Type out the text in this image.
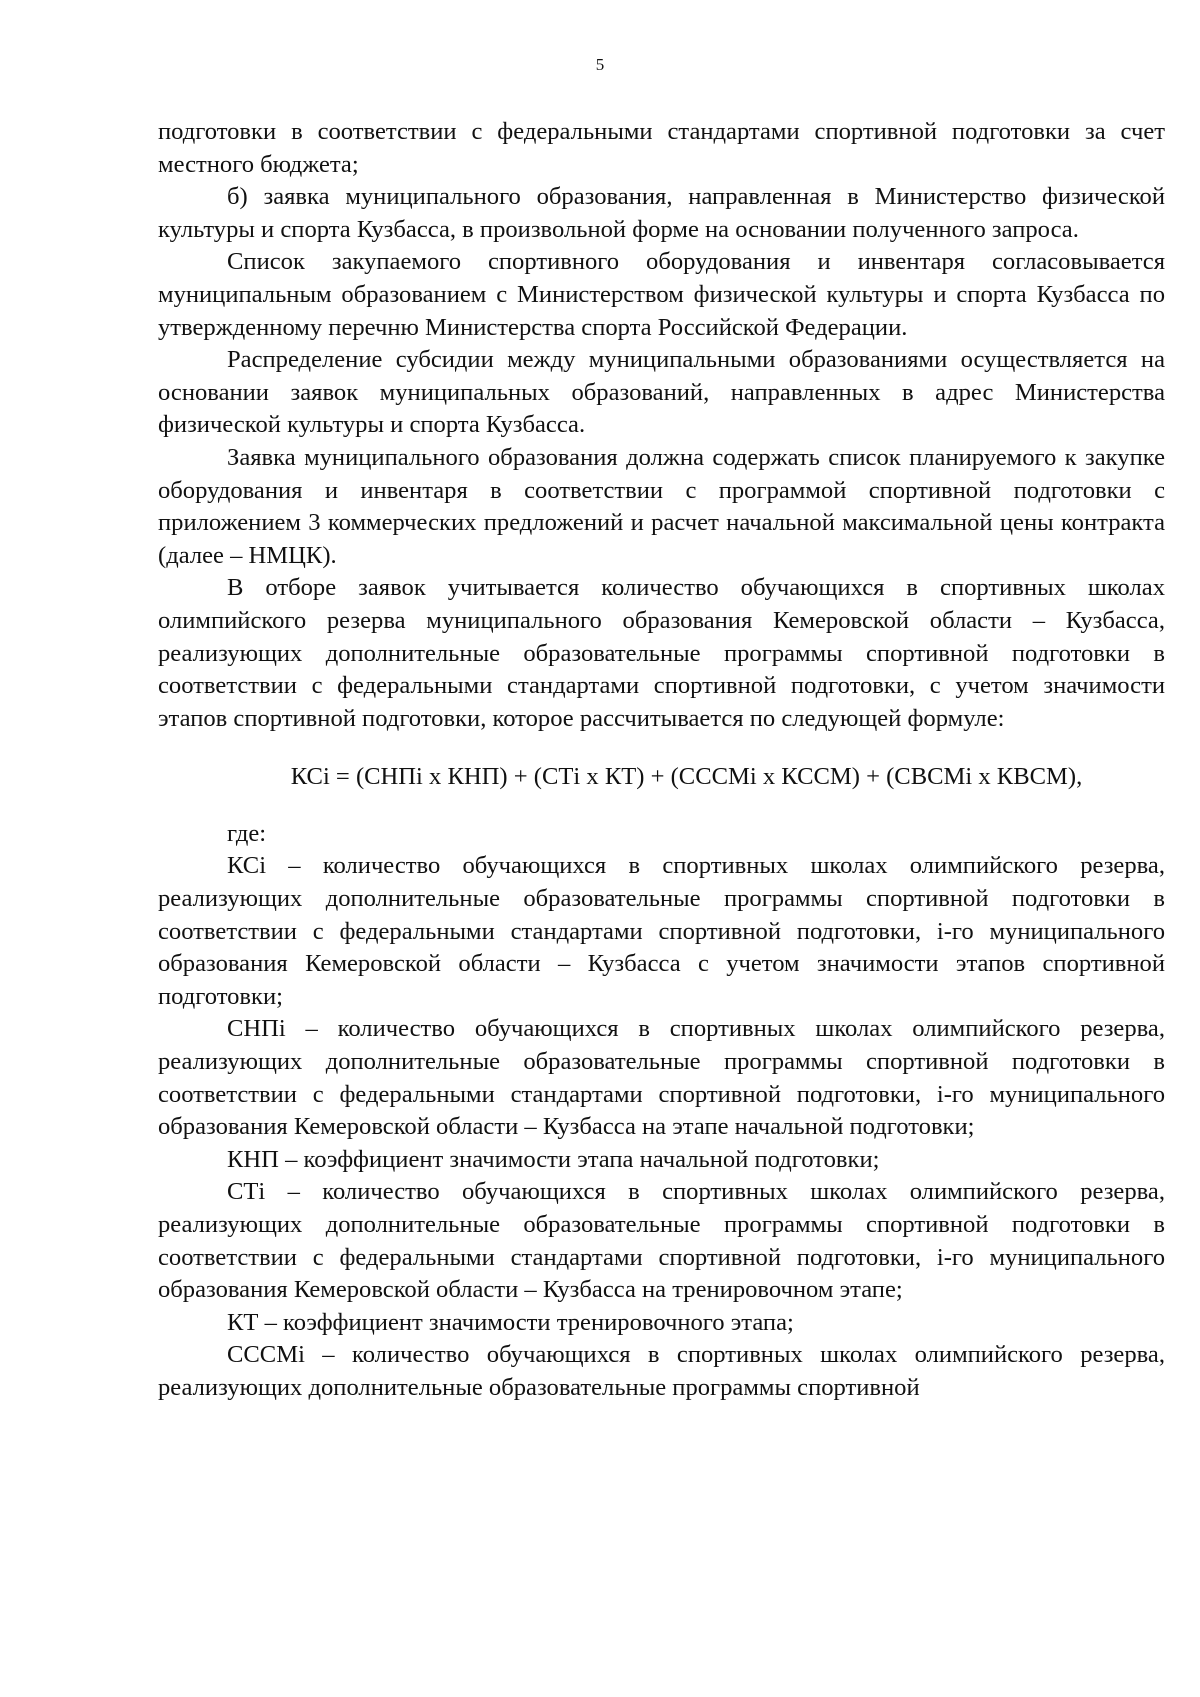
5

подготовки в соответствии с федеральными стандартами спортивной подготовки за счет местного бюджета;

б) заявка муниципального образования, направленная в Министерство физической культуры и спорта Кузбасса, в произвольной форме на основании полученного запроса.

Список закупаемого спортивного оборудования и инвентаря согласовывается муниципальным образованием с Министерством физической культуры и спорта Кузбасса по утвержденному перечню Министерства спорта Российской Федерации.

Распределение субсидии между муниципальными образованиями осуществляется на основании заявок муниципальных образований, направленных в адрес Министерства физической культуры и спорта Кузбасса.

Заявка муниципального образования должна содержать список планируемого к закупке оборудования и инвентаря в соответствии с программой спортивной подготовки с приложением 3 коммерческих предложений и расчет начальной максимальной цены контракта (далее – НМЦК).

В отборе заявок учитывается количество обучающихся в спортивных школах олимпийского резерва муниципального образования Кемеровской области – Кузбасса, реализующих дополнительные образовательные программы спортивной подготовки в соответствии с федеральными стандартами спортивной подготовки, с учетом значимости этапов спортивной подготовки, которое рассчитывается по следующей формуле:

КСi = (СНПi х КНП) + (СТi х КТ) + (СССМi х КССМ) + (СВСМi х КВСМ),

где:

КСi – количество обучающихся в спортивных школах олимпийского резерва, реализующих дополнительные образовательные программы спортивной подготовки в соответствии с федеральными стандартами спортивной подготовки, i-го муниципального образования Кемеровской области – Кузбасса с учетом значимости этапов спортивной подготовки;

СНПi – количество обучающихся в спортивных школах олимпийского резерва, реализующих дополнительные образовательные программы спортивной подготовки в соответствии с федеральными стандартами спортивной подготовки, i-го муниципального образования Кемеровской области – Кузбасса на этапе начальной подготовки;

КНП – коэффициент значимости этапа начальной подготовки;

СТi – количество обучающихся в спортивных школах олимпийского резерва, реализующих дополнительные образовательные программы спортивной подготовки в соответствии с федеральными стандартами спортивной подготовки, i-го муниципального образования Кемеровской области – Кузбасса на тренировочном этапе;

КТ – коэффициент значимости тренировочного этапа;

СССМi – количество обучающихся в спортивных школах олимпийского резерва, реализующих дополнительные образовательные программы спортивной
